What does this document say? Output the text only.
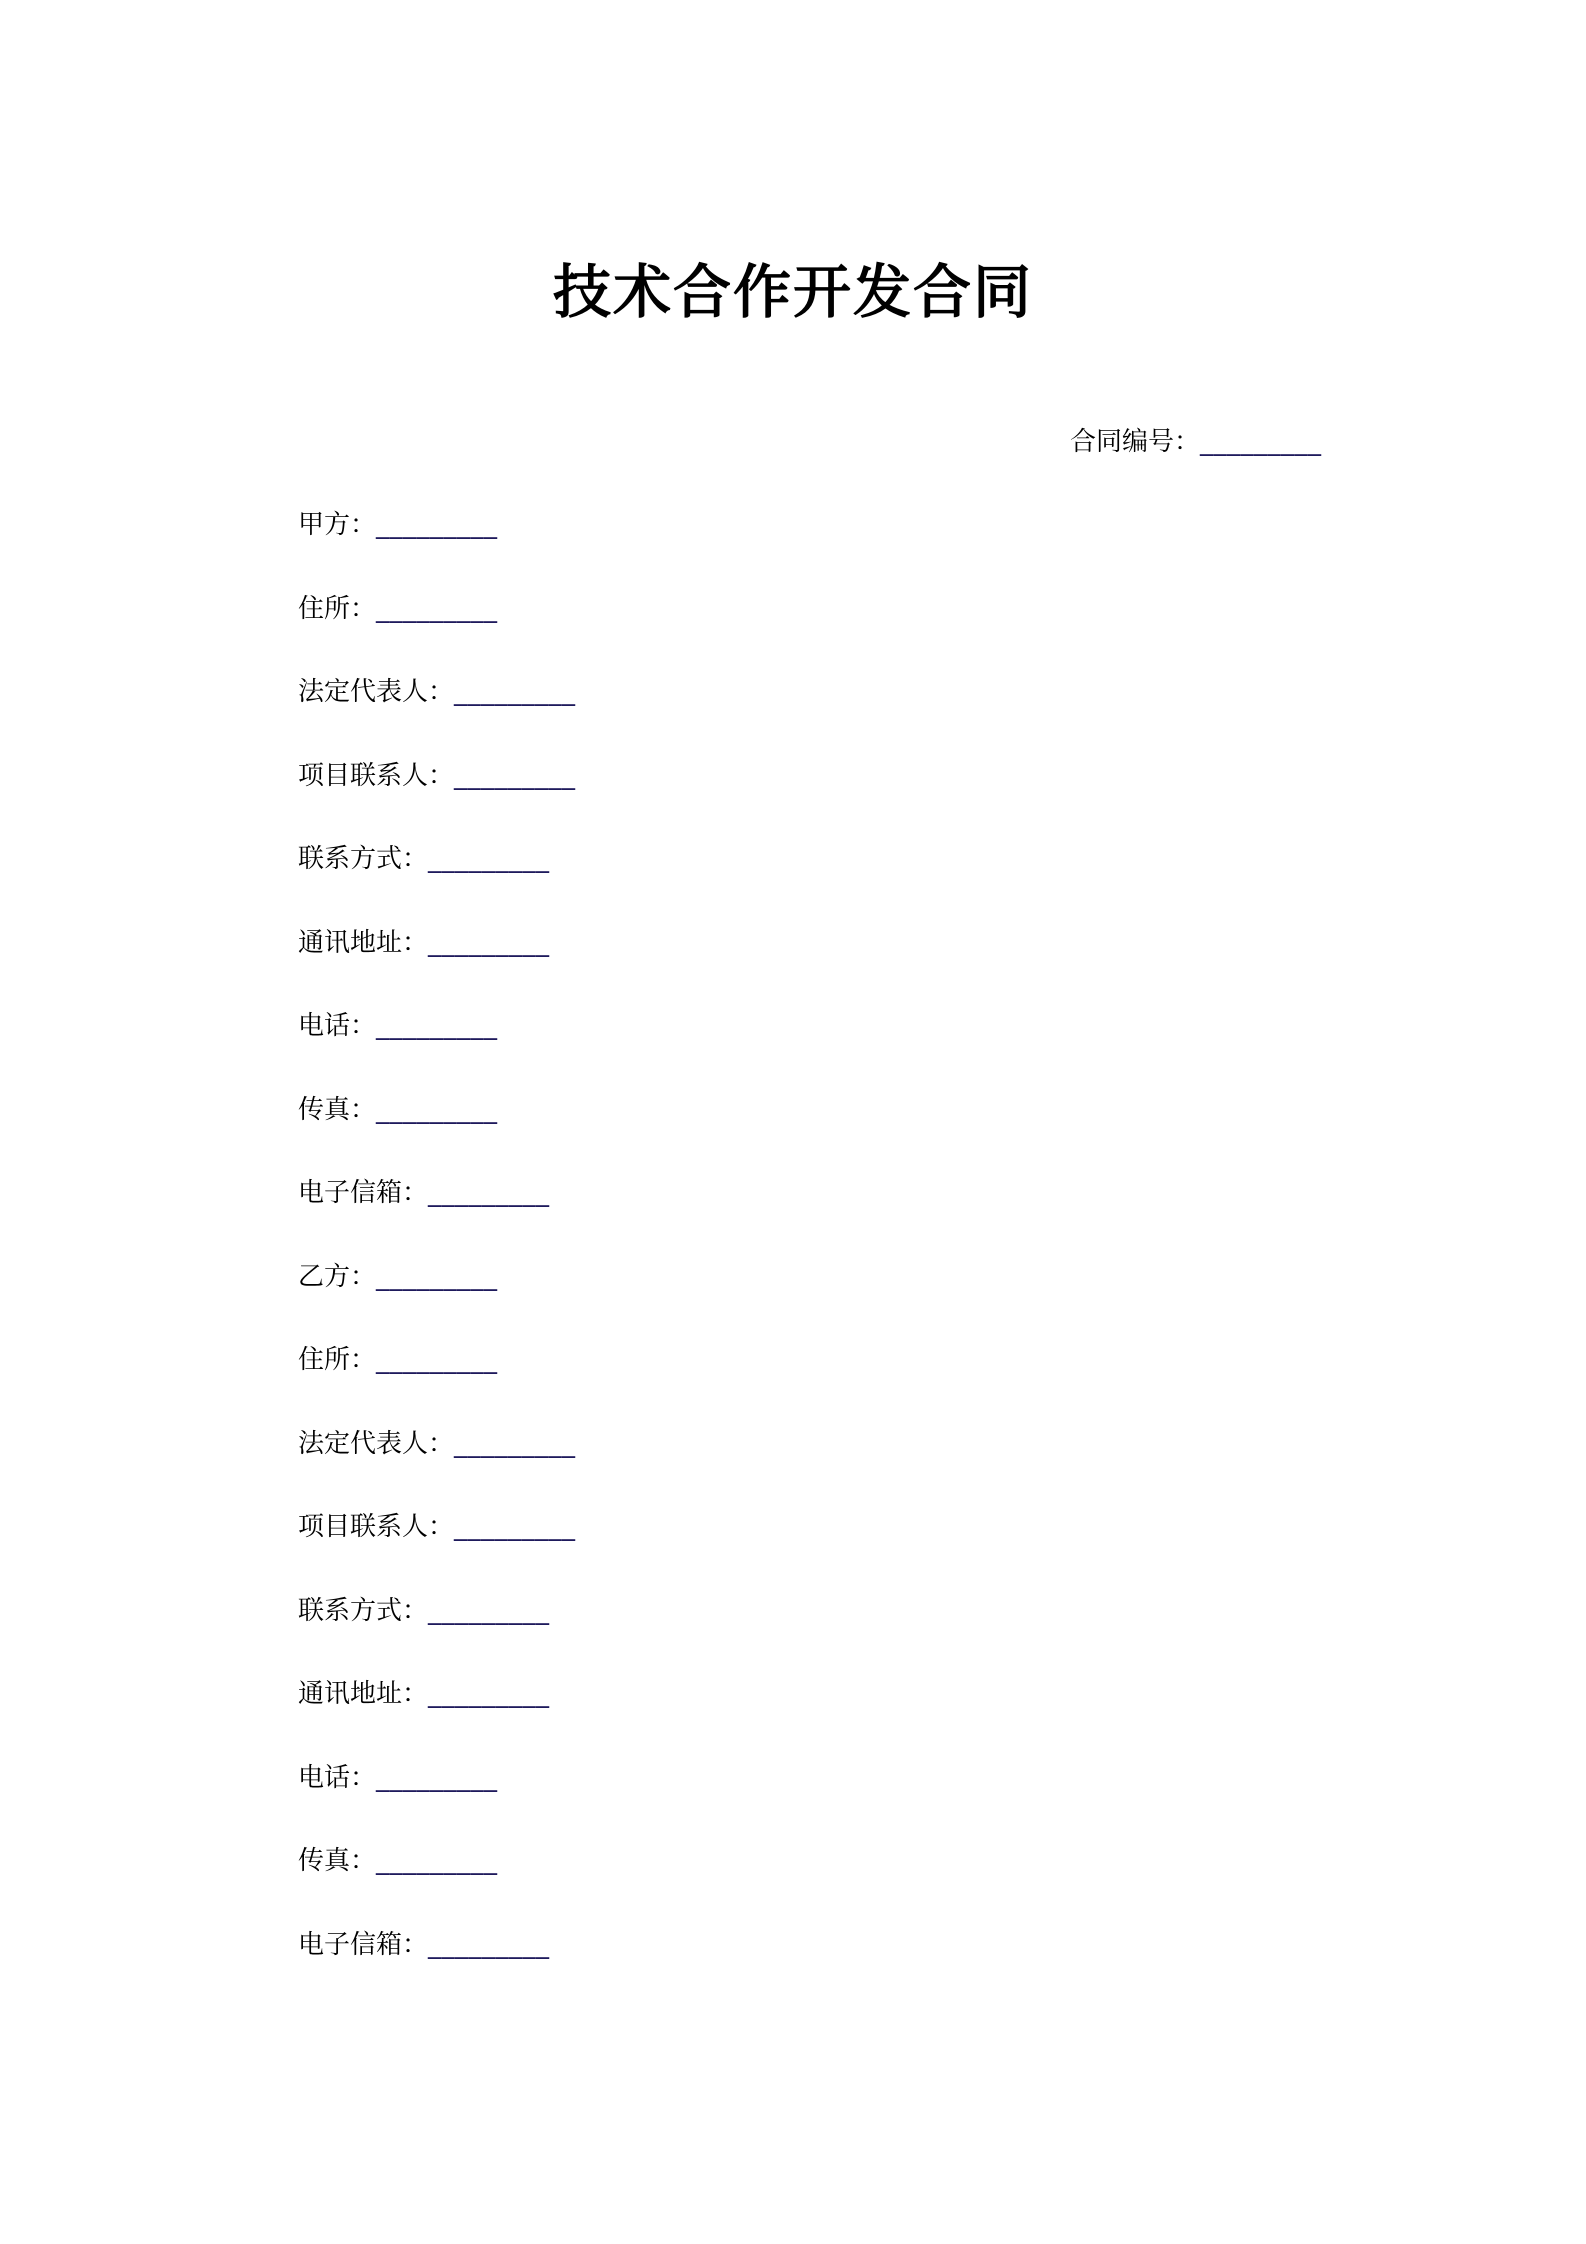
技术合作开发合同
合同编号：_________
甲方：_________
住所：_________
法定代表人：_________
项目联系人：_________
联系方式：_________
通讯地址：_________
电话：_________
传真：_________
电子信箱：_________
乙方：_________
住所：_________
法定代表人：_________
项目联系人：_________
联系方式：_________
通讯地址：_________
电话：_________
传真：_________
电子信箱：_________
